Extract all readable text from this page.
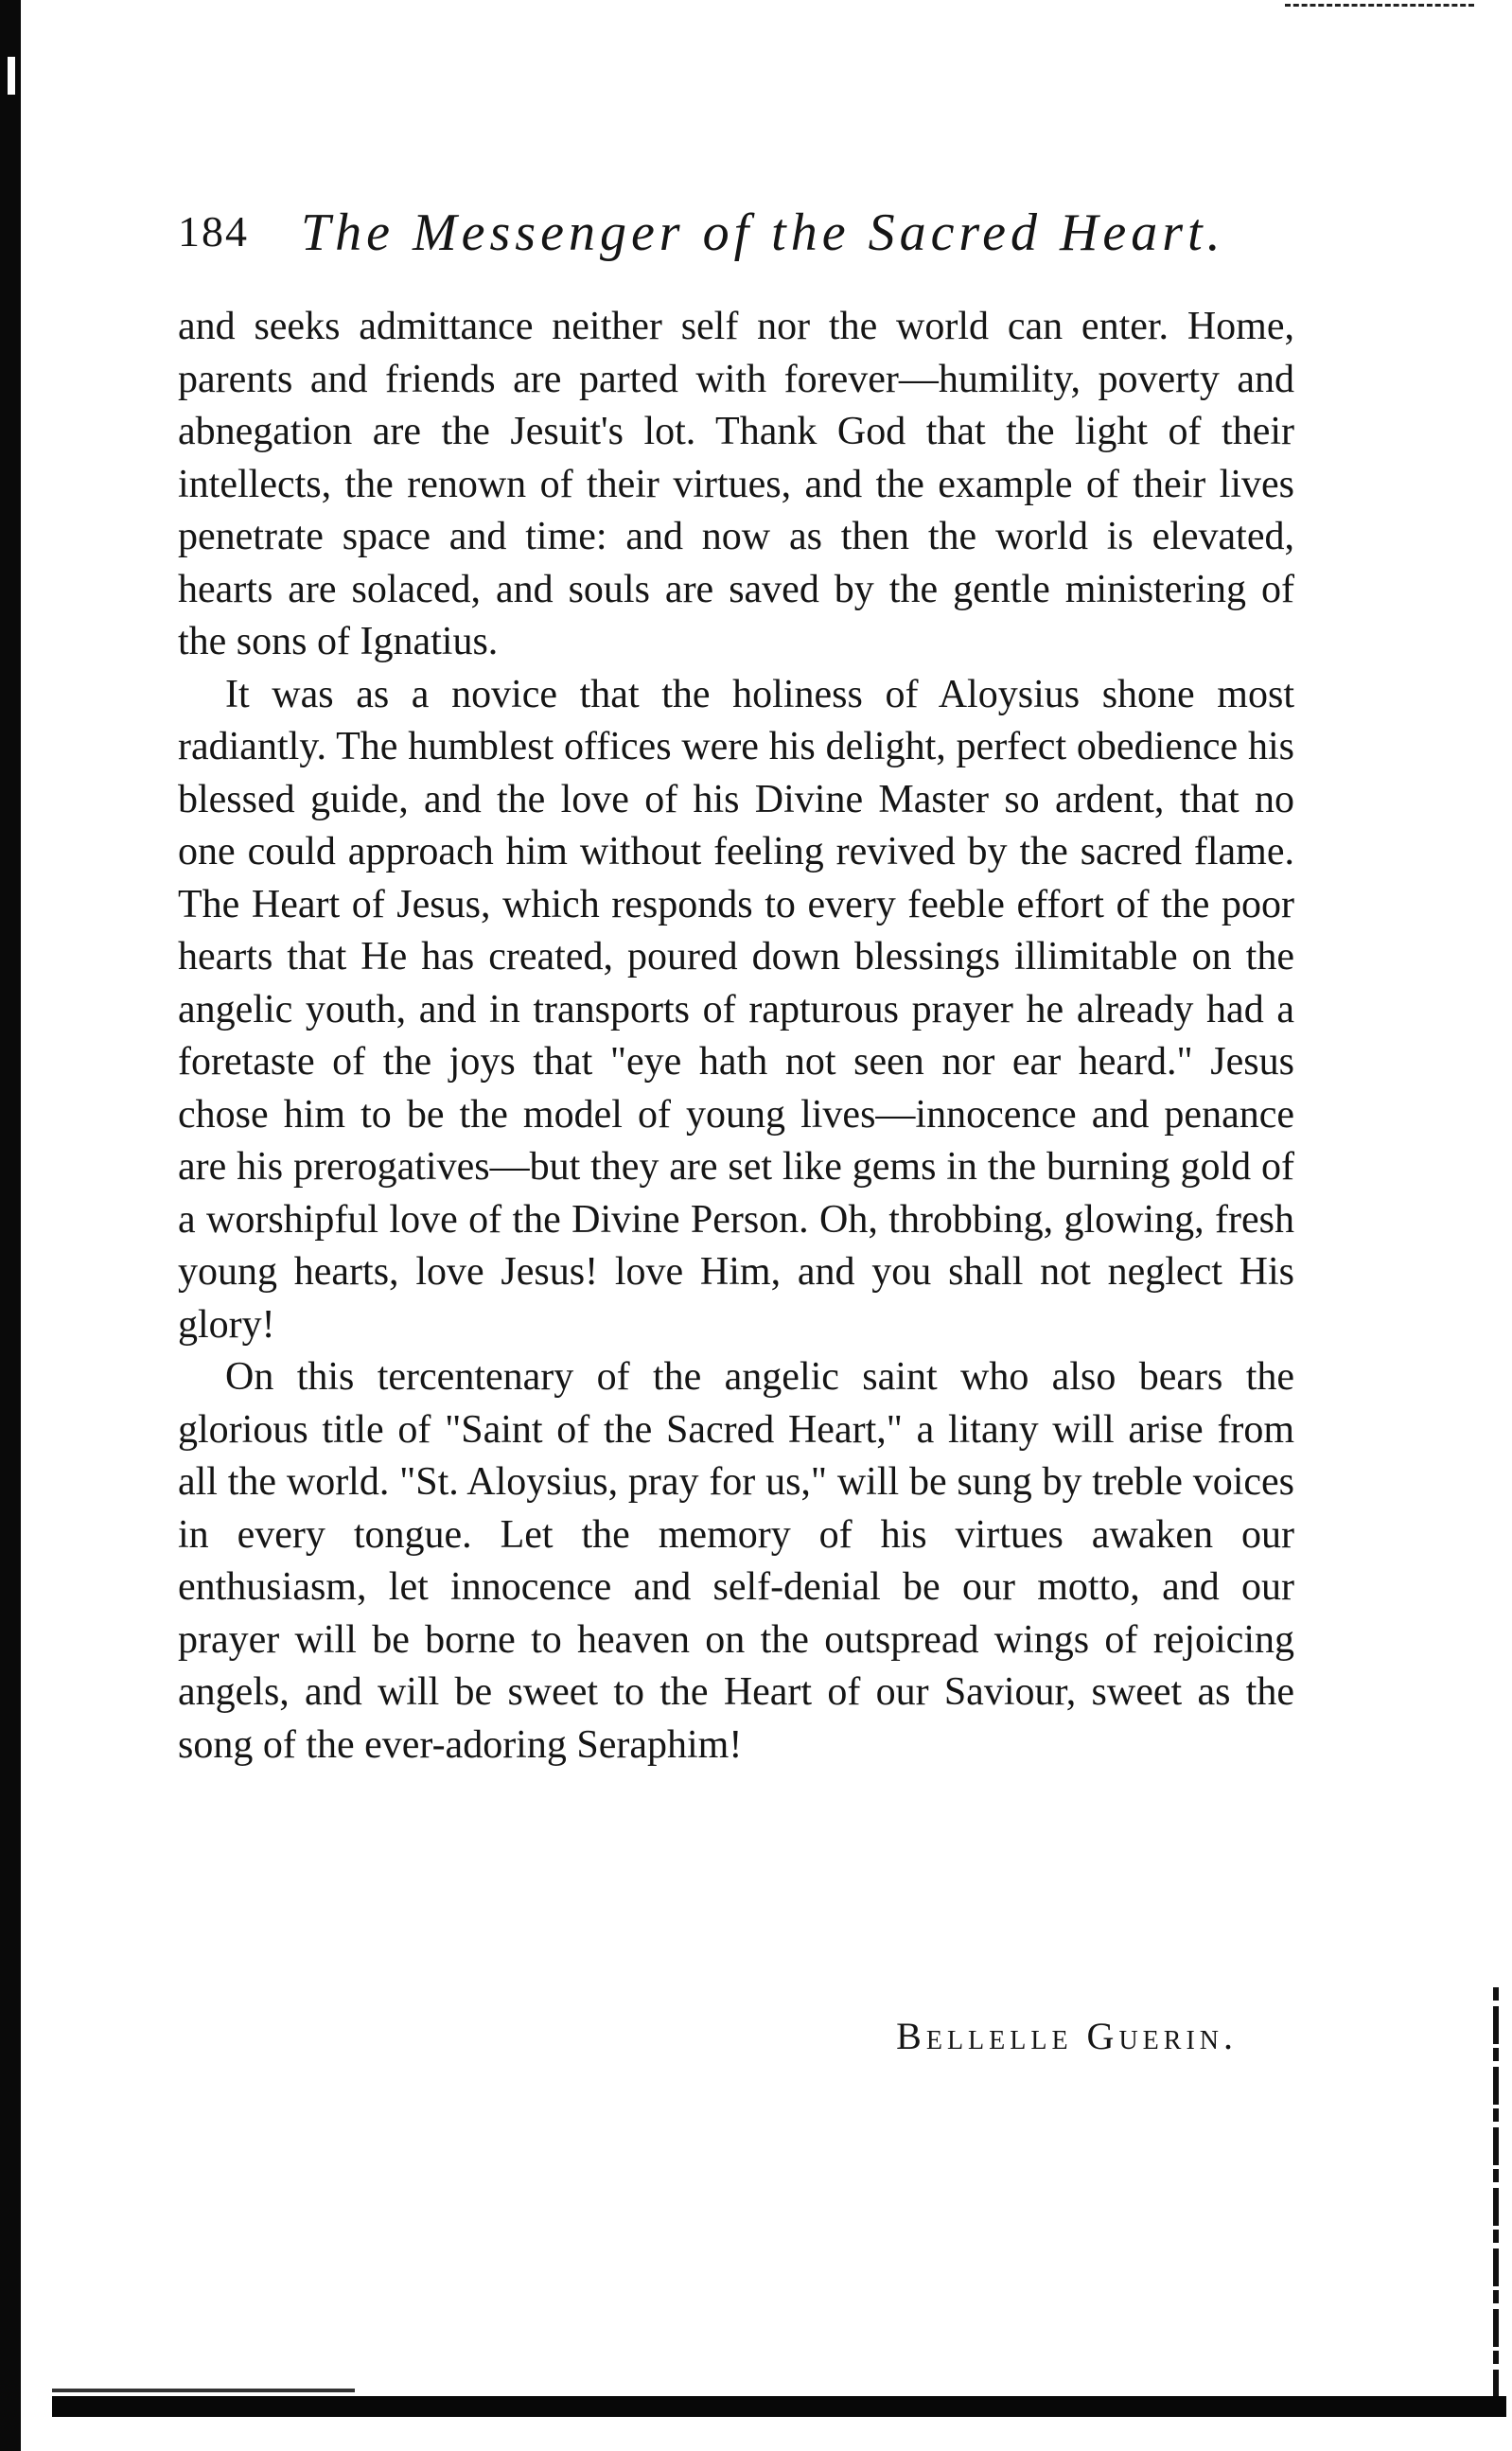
184 The Messenger of the Sacred Heart.

and seeks admittance neither self nor the world can enter. Home, parents and friends are parted with forever—humility, poverty and abnegation are the Jesuit's lot. Thank God that the light of their intellects, the renown of their virtues, and the example of their lives penetrate space and time: and now as then the world is elevated, hearts are solaced, and souls are saved by the gentle ministering of the sons of Ignatius.

It was as a novice that the holiness of Aloysius shone most radiantly. The humblest offices were his delight, perfect obedience his blessed guide, and the love of his Divine Master so ardent, that no one could approach him without feeling revived by the sacred flame. The Heart of Jesus, which responds to every feeble effort of the poor hearts that He has created, poured down blessings illimitable on the angelic youth, and in transports of rapturous prayer he already had a foretaste of the joys that "eye hath not seen nor ear heard." Jesus chose him to be the model of young lives—innocence and penance are his prerogatives—but they are set like gems in the burning gold of a worshipful love of the Divine Person. Oh, throbbing, glowing, fresh young hearts, love Jesus! love Him, and you shall not neglect His glory!

On this tercentenary of the angelic saint who also bears the glorious title of "Saint of the Sacred Heart," a litany will arise from all the world. "St. Aloysius, pray for us," will be sung by treble voices in every tongue. Let the memory of his virtues awaken our enthusiasm, let innocence and self-denial be our motto, and our prayer will be borne to heaven on the outspread wings of rejoicing angels, and will be sweet to the Heart of our Saviour, sweet as the song of the ever-adoring Seraphim!

Bellelle Guerin.
